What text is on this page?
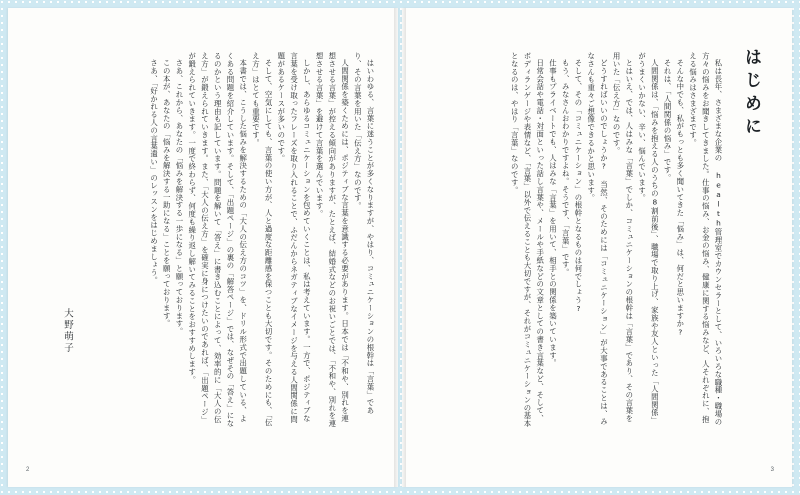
はいわゆる、言葉に迷うことが多くなりますが、やはり、コミュニケーションの根幹は「言葉」であり、その言葉を用いた「伝え方」なのです。
人間関係を築くためには、ポジティブな言葉を意識する必要があります。日本では「不和や、別れを連想させる言葉」が控える傾向がありますが、たとえば、結婚式などのお祝いごとでは、「不和や、別れを連想させる言葉」を避けて言葉を選んでいます。
しかし、あらゆるコミュニケーションを包めていくことは、私は考えています。一方で、ポジティブな言葉を受け取ったフレーズを取り入れることで、ふだんからネガティブなイメージを与える人間関係に問題があるケースが多いのです。
そして、空気にしても、言葉の使い方が、人と過度な距離感を保つことも大切です。そのためにも、「伝え方」はとても重要です。
本書では、こうした悩みを解決するための「大人の伝え方のコツ」を、ドリル形式で出題している、よくある問題を紹介しています。そして、「出題ページ」の裏の「解答ページ」では、なぜその「答え」になるのかという理由も記しています。問題を解いて「答え」に書き込むことによって、効率的に「大人の伝え方」が鍛えられていきます。また、「大人の伝え方」を確実に身につけたいのであれば、「出題ページ」が鍛えられていきます。一度で終わらず、何度も繰り返し解いてみることをおすすめします。
さあ、これから、あなたの「悩みを解決する一歩になる」と願っております。
この本が、あなたの「悩みを解決する一助になる」ことを願っております。
さあ、「好かれる人の言葉遣い」のレッスンをはじめましょう。
大野萌子
2
はじめに
私は長年、さまざまな企業の health管理室でカウンセラーとして、いろいろな職種・職場の方々の悩みをお聞きしてきました。仕事の悩み、お金の悩み、健康に関する悩みなど、人それぞれに、抱える悩みはさまざまです。
そんな中でも、私がもっとも多く聞いてきた「悩み」は、何だと思いますか?
それは、「人間関係の悩み」です。
人間関係は、「悩みを抱える人のうちの8割前後」、職場で取り上げ、家族や友人といった「人間関係」がうまくいかない、辛い、悩んでいます。
とはいえ、では、人はみな「言葉」でしか、コミュニケーションの根幹は「言葉」であり、その言葉を用いた「伝え方」なのです。
どうすればいいのでしょうか? 当然、そのためには「コミュニケーション」が大事であることは、みなさんも重々ご想像できるかと思います。
そして、その「コミュニケーション」の根幹となるものは何でしょう?
もう、みなさんおわかりですよね。そうです、「言葉」です。
仕事もプライベートでも、人はみな「言葉」を用いて、相手との関係を築いています。
日常会話や電話・対面といった話し言葉や、メールや手紙などの文章としての書き言葉など、そして、ボディランゲージや表情など、「言葉」以外で伝えることも大切ですが、それがコミュニケーションの基本となるのは、やはり「言葉」なのです。
3
